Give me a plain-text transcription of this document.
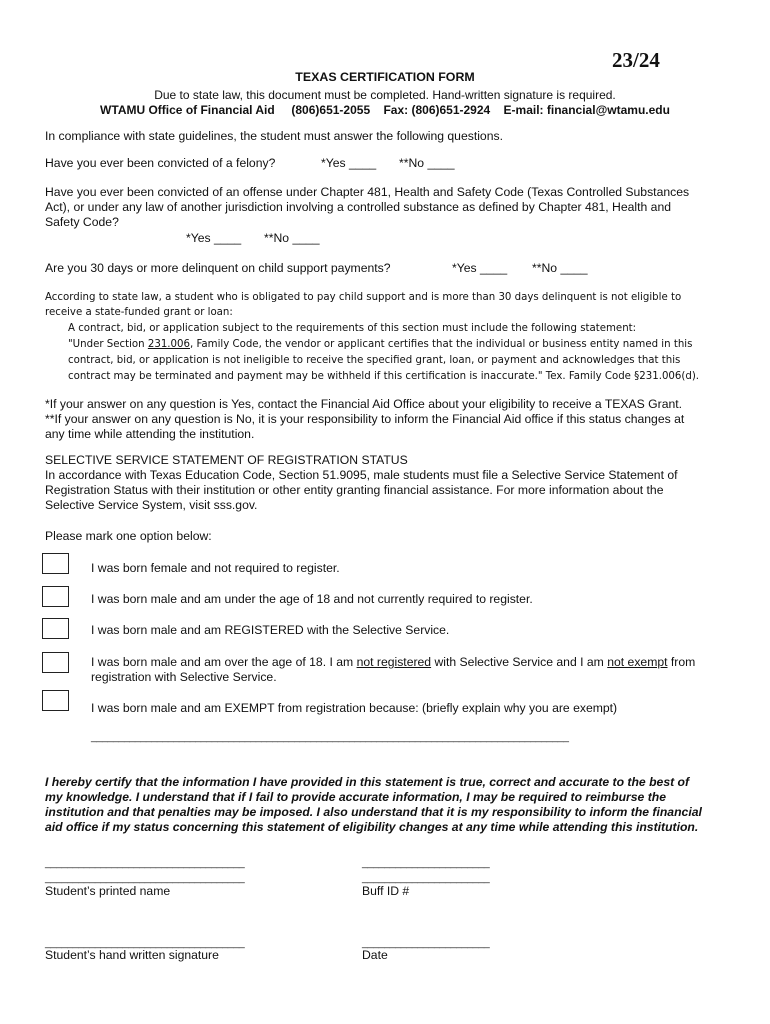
23/24
TEXAS CERTIFICATION FORM
Due to state law, this document must be completed. Hand-written signature is required.
WTAMU Office of Financial Aid (806)651-2055 Fax: (806)651-2924 E-mail: financial@wtamu.edu
In compliance with state guidelines, the student must answer the following questions.
Have you ever been convicted of a felony?	*Yes ____ **No ____
Have you ever been convicted of an offense under Chapter 481, Health and Safety Code (Texas Controlled Substances
Act), or under any law of another jurisdiction involving a controlled substance as defined by Chapter 481, Health and
Safety Code?
*Yes ____ **No ____
Are you 30 days or more delinquent on child support payments?	*Yes ____ **No ____
According to state law, a student who is obligated to pay child support and is more than 30 days delinquent is not eligible to
receive a state-funded grant or loan:
A contract, bid, or application subject to the requirements of this section must include the following statement:
"Under Section 231.006, Family Code, the vendor or applicant certifies that the individual or business entity named in this
contract, bid, or application is not ineligible to receive the specified grant, loan, or payment and acknowledges that this
contract may be terminated and payment may be withheld if this certification is inaccurate." Tex. Family Code §231.006(d).
*If your answer on any question is Yes, contact the Financial Aid Office about your eligibility to receive a TEXAS Grant.
**If your answer on any question is No, it is your responsibility to inform the Financial Aid office if this status changes at
any time while attending the institution.
SELECTIVE SERVICE STATEMENT OF REGISTRATION STATUS
In accordance with Texas Education Code, Section 51.9095, male students must file a Selective Service Statement of
Registration Status with their institution or other entity granting financial assistance. For more information about the
Selective Service System, visit sss.gov.
Please mark one option below:
I was born female and not required to register.
I was born male and am under the age of 18 and not currently required to register.
I was born male and am REGISTERED with the Selective Service.
I was born male and am over the age of 18. I am not registered with Selective Service and I am not exempt from
registration with Selective Service.
I was born male and am EXEMPT from registration because: (briefly explain why you are exempt)
_______________________________________________________________________________________
I hereby certify that the information I have provided in this statement is true, correct and accurate to the best of
my knowledge. I understand that if I fail to provide accurate information, I may be required to reimburse the
institution and that penalties may be imposed. I also understand that it is my responsibility to inform the financial
aid office if my status concerning this statement of eligibility changes at any time while attending this institution.
____________________________________
____________________________________
Student’s printed name
_______________________
_______________________
Buff ID #
____________________________________
Student’s hand written signature
_______________________
Date
